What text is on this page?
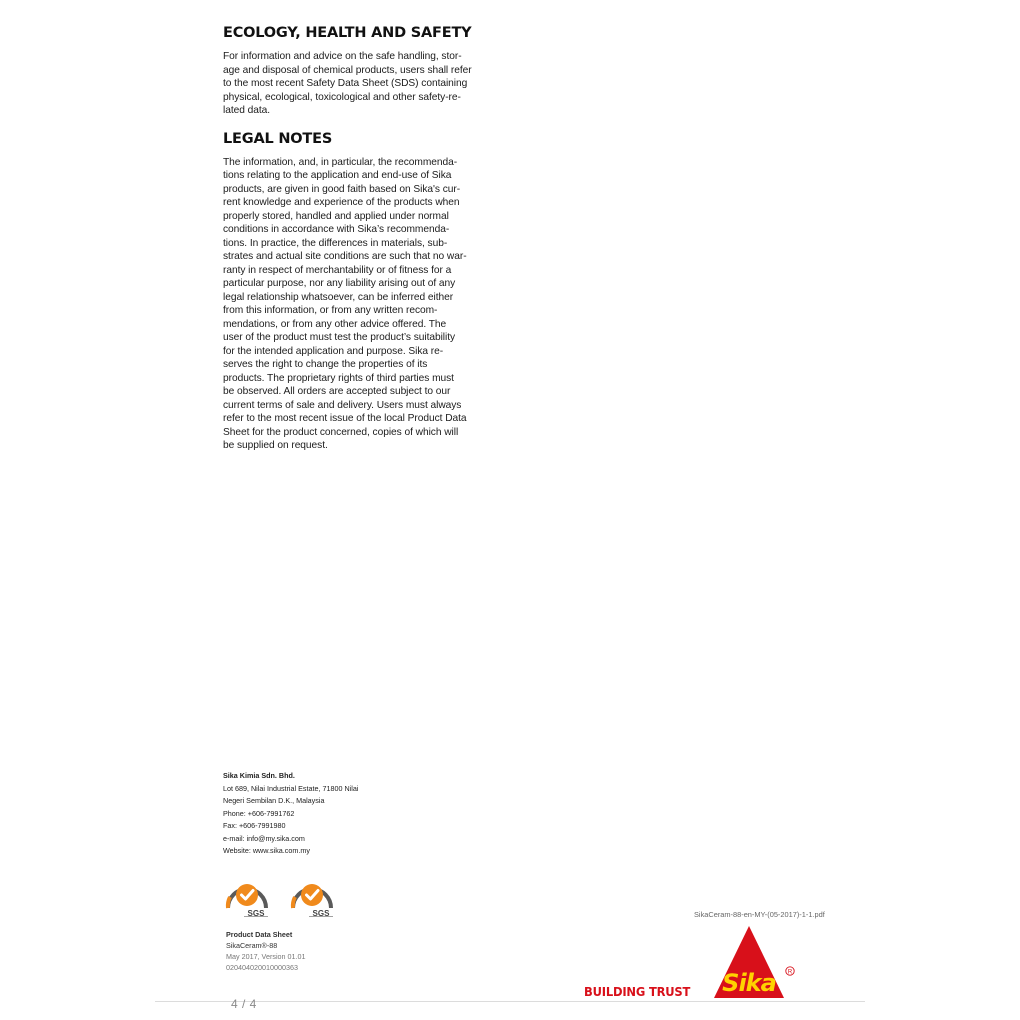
ECOLOGY, HEALTH AND SAFETY

For information and advice on the safe handling, stor-
age and disposal of chemical products, users shall refer
to the most recent Safety Data Sheet (SDS) containing
physical, ecological, toxicological and other safety-re-
lated data.

LEGAL NOTES

The information, and, in particular, the recommenda-
tions relating to the application and end-use of Sika
products, are given in good faith based on Sika's cur-
rent knowledge and experience of the products when
properly stored, handled and applied under normal
conditions in accordance with Sika’s recommenda-
tions. In practice, the differences in materials, sub-
strates and actual site conditions are such that no war-
ranty in respect of merchantability or of fitness for a
particular purpose, nor any liability arising out of any
legal relationship whatsoever, can be inferred either
from this information, or from any written recom-
mendations, or from any other advice offered. The
user of the product must test the product’s suitability
for the intended application and purpose. Sika re-
serves the right to change the properties of its
products. The proprietary rights of third parties must
be observed. All orders are accepted subject to our
current terms of sale and delivery. Users must always
refer to the most recent issue of the local Product Data
Sheet for the product concerned, copies of which will
be supplied on request.

Sika Kimia Sdn. Bhd.
Lot 689, Nilai Industrial Estate, 71800 Nilai
Negeri Sembilan D.K., Malaysia
Phone: +606-7991762
Fax: +606-7991980
e-mail: info@my.sika.com
Website: www.sika.com.my
SGS	SGS
Product Data Sheet
SikaCeram®-88
May 2017, Version 01.01
020404020010000363
SikaCeram-88-en-MY-(05-2017)-1-1.pdf
BUILDING TRUST Sika R
4 / 4
